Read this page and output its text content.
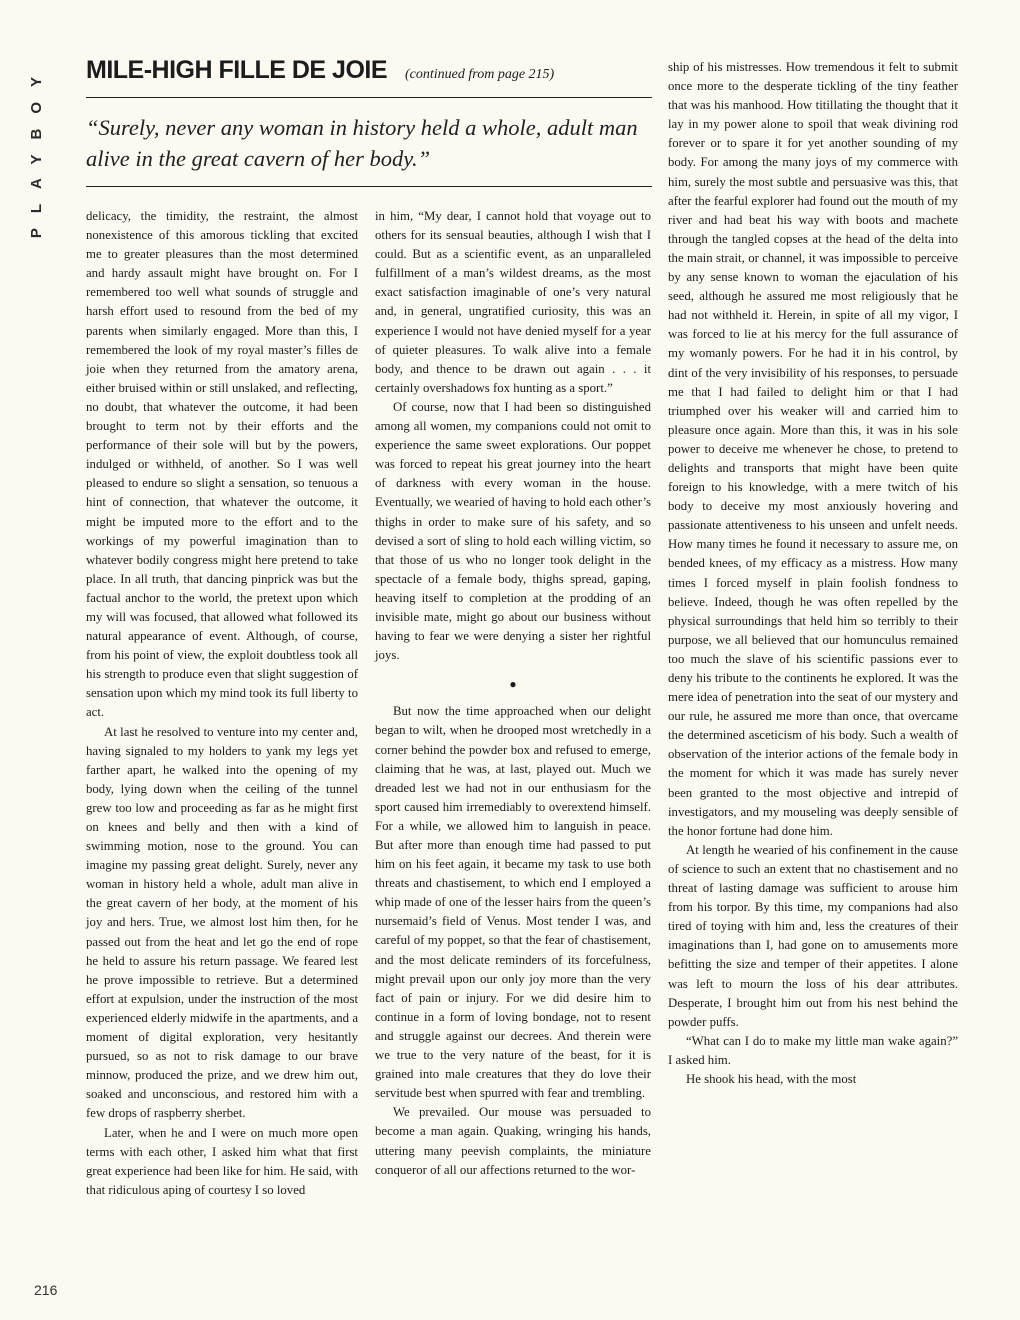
PLAYBOY MILE-HIGH FILLE DE JOIE (continued from page 215)
“Surely, never any woman in history held a whole, adult man alive in the great cavern of her body.”

delicacy, the timidity, the restraint, the almost nonexistence of this amorous tickling that excited me to greater pleasures than the most determined and hardy assault might have brought on. For I remembered too well what sounds of struggle and harsh effort used to resound from the bed of my parents when similarly engaged. More than this, I remembered the look of my royal master’s filles de joie when they returned from the amatory arena, either bruised within or still unslaked, and reflecting, no doubt, that whatever the outcome, it had been brought to term not by their efforts and the performance of their sole will but by the powers, indulged or withheld, of another. So I was well pleased to endure so slight a sensation, so tenuous a hint of connection, that whatever the outcome, it might be imputed more to the effort and to the workings of my powerful imagination than to whatever bodily congress might here pretend to take place. In all truth, that dancing pinprick was but the factual anchor to the world, the pretext upon which my will was focused, that allowed what followed its natural appearance of event. Although, of course, from his point of view, the exploit doubtless took all his strength to produce even that slight suggestion of sensation upon which my mind took its full liberty to act.

At last he resolved to venture into my center and, having signaled to my holders to yank my legs yet farther apart, he walked into the opening of my body, lying down when the ceiling of the tunnel grew too low and proceeding as far as he might first on knees and belly and then with a kind of swimming motion, nose to the ground. You can imagine my passing great delight. Surely, never any woman in history held a whole, adult man alive in the great cavern of her body, at the moment of his joy and hers. True, we almost lost him then, for he passed out from the heat and let go the end of rope he held to assure his return passage. We feared lest he prove impossible to retrieve. But a determined effort at expulsion, under the instruction of the most experienced elderly midwife in the apartments, and a moment of digital exploration, very hesitantly pursued, so as not to risk damage to our brave minnow, produced the prize, and we drew him out, soaked and unconscious, and restored him with a few drops of raspberry sherbet.

Later, when he and I were on much more open terms with each other, I asked him what that first great experience had been like for him. He said, with that ridiculous aping of courtesy I so loved

in him, “My dear, I cannot hold that voyage out to others for its sensual beauties, although I wish that I could. But as a scientific event, as an unparalleled fulfillment of a man’s wildest dreams, as the most exact satisfaction imaginable of one’s very natural and, in general, ungratified curiosity, this was an experience I would not have denied myself for a year of quieter pleasures. To walk alive into a female body, and thence to be drawn out again . . . it certainly overshadows fox hunting as a sport.”

Of course, now that I had been so distinguished among all women, my companions could not omit to experience the same sweet explorations. Our poppet was forced to repeat his great journey into the heart of darkness with every woman in the house. Eventually, we wearied of having to hold each other’s thighs in order to make sure of his safety, and so devised a sort of sling to hold each willing victim, so that those of us who no longer took delight in the spectacle of a female body, thighs spread, gaping, heaving itself to completion at the prodding of an invisible mate, might go about our business without having to fear we were denying a sister her rightful joys.

●

But now the time approached when our delight began to wilt, when he drooped most wretchedly in a corner behind the powder box and refused to emerge, claiming that he was, at last, played out. Much we dreaded lest we had not in our enthusiasm for the sport caused him irremediably to overextend himself. For a while, we allowed him to languish in peace. But after more than enough time had passed to put him on his feet again, it became my task to use both threats and chastisement, to which end I employed a whip made of one of the lesser hairs from the queen’s nursemaid’s field of Venus. Most tender I was, and careful of my poppet, so that the fear of chastisement, and the most delicate reminders of its forcefulness, might prevail upon our only joy more than the very fact of pain or injury. For we did desire him to continue in a form of loving bondage, not to resent and struggle against our decrees. And therein were we true to the very nature of the beast, for it is grained into male creatures that they do love their servitude best when spurred with fear and trembling.

We prevailed. Our mouse was persuaded to become a man again. Quaking, wringing his hands, uttering many peevish complaints, the miniature conqueror of all our affections returned to the wor-

ship of his mistresses. How tremendous it felt to submit once more to the desperate tickling of the tiny feather that was his manhood. How titillating the thought that it lay in my power alone to spoil that weak divining rod forever or to spare it for yet another sounding of my body. For among the many joys of my commerce with him, surely the most subtle and persuasive was this, that after the fearful explorer had found out the mouth of my river and had beat his way with boots and machete through the tangled copses at the head of the delta into the main strait, or channel, it was impossible to perceive by any sense known to woman the ejaculation of his seed, although he assured me most religiously that he had not withheld it. Herein, in spite of all my vigor, I was forced to lie at his mercy for the full assurance of my womanly powers. For he had it in his control, by dint of the very invisibility of his responses, to persuade me that I had failed to delight him or that I had triumphed over his weaker will and carried him to pleasure once again. More than this, it was in his sole power to deceive me whenever he chose, to pretend to delights and transports that might have been quite foreign to his knowledge, with a mere twitch of his body to deceive my most anxiously hovering and passionate attentiveness to his unseen and unfelt needs. How many times he found it necessary to assure me, on bended knees, of my efficacy as a mistress. How many times I forced myself in plain foolish fondness to believe. Indeed, though he was often repelled by the physical surroundings that held him so terribly to their purpose, we all believed that our homunculus remained too much the slave of his scientific passions ever to deny his tribute to the continents he explored. It was the mere idea of penetration into the seat of our mystery and our rule, he assured me more than once, that overcame the determined asceticism of his body. Such a wealth of observation of the interior actions of the female body in the moment for which it was made has surely never been granted to the most objective and intrepid of investigators, and my mouseling was deeply sensible of the honor fortune had done him.

At length he wearied of his confinement in the cause of science to such an extent that no chastisement and no threat of lasting damage was sufficient to arouse him from his torpor. By this time, my companions had also tired of toying with him and, less the creatures of their imaginations than I, had gone on to amusements more befitting the size and temper of their appetites. I alone was left to mourn the loss of his dear attributes. Desperate, I brought him out from his nest behind the powder puffs.

“What can I do to make my little man wake again?” I asked him.

He shook his head, with the most

216
